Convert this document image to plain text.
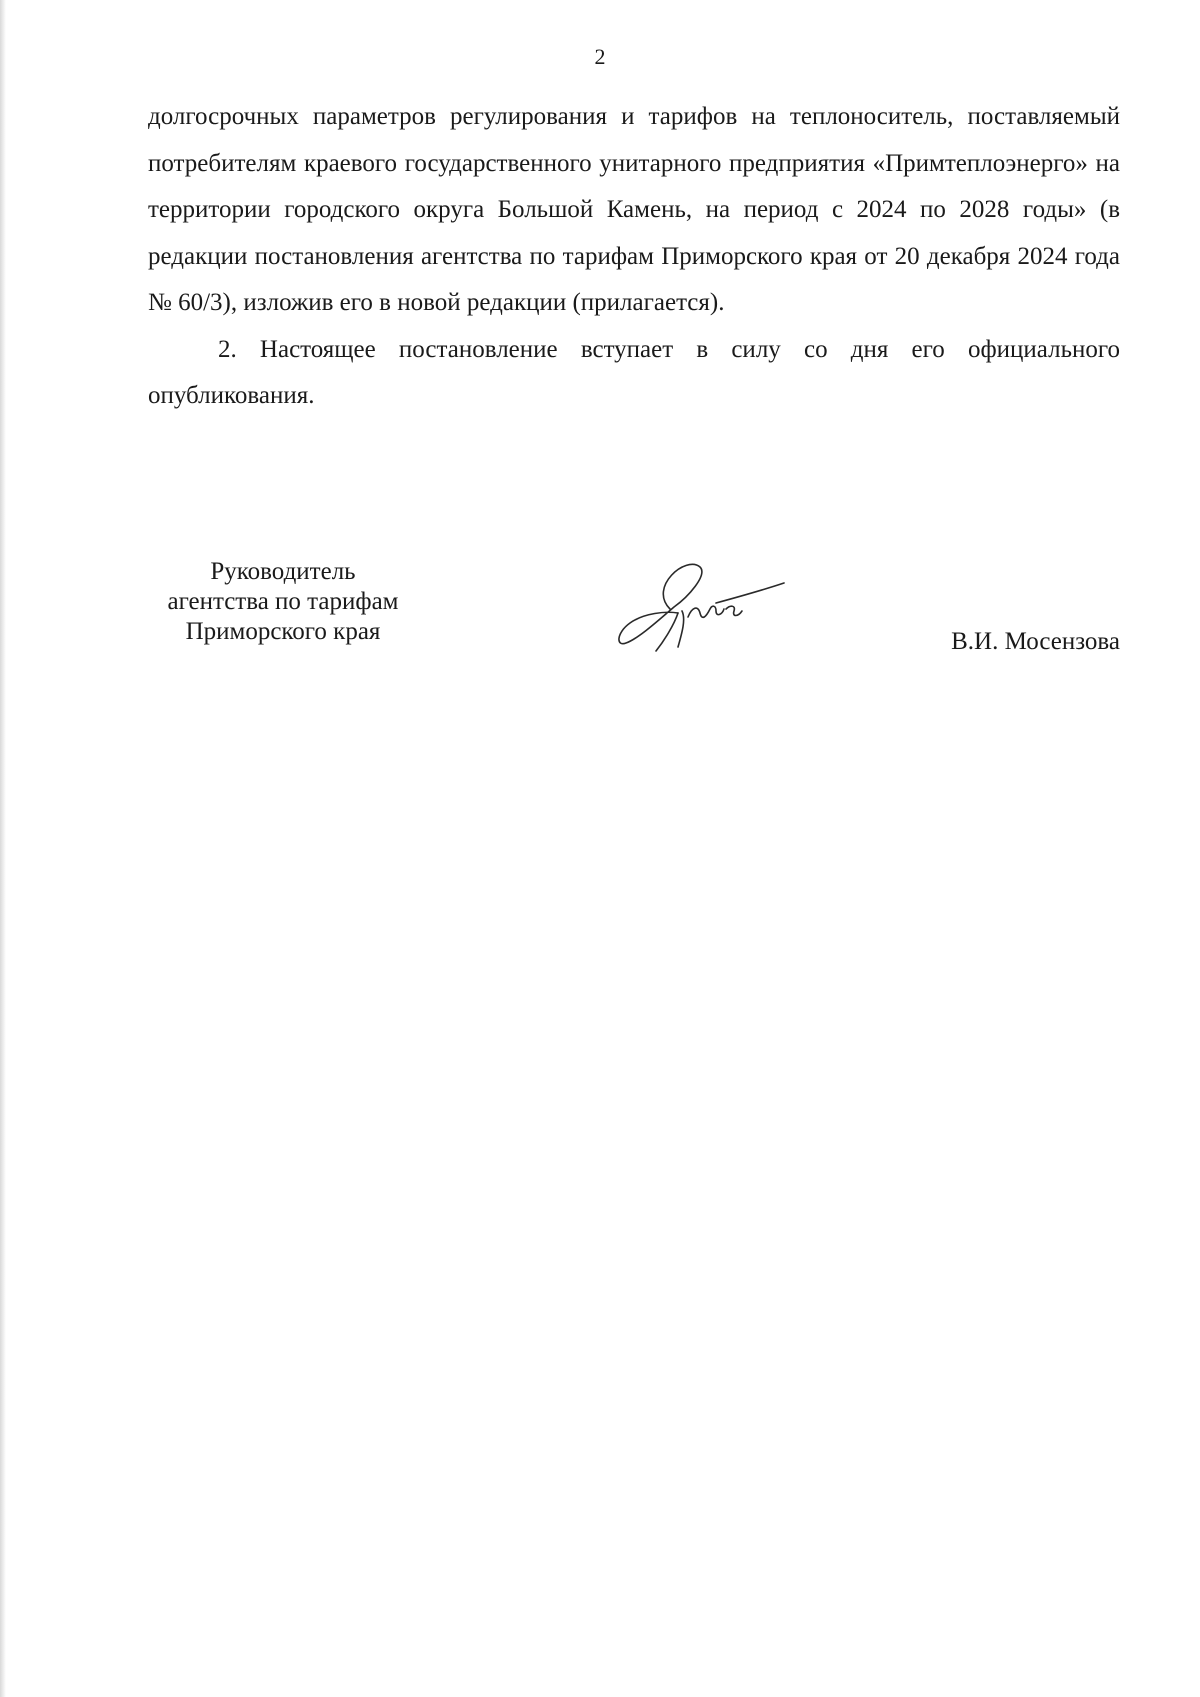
2

долгосрочных параметров регулирования и тарифов на теплоноситель, поставляемый потребителям краевого государственного унитарного предприятия «Примтеплоэнерго» на территории городского округа Большой Камень, на период с 2024 по 2028 годы» (в редакции постановления агентства по тарифам Приморского края от 20 декабря 2024 года № 60/3), изложив его в новой редакции (прилагается).

2. Настоящее постановление вступает в силу со дня его официального опубликования.

Руководитель
агентства по тарифам
Приморского края	В.И. Мосензова
